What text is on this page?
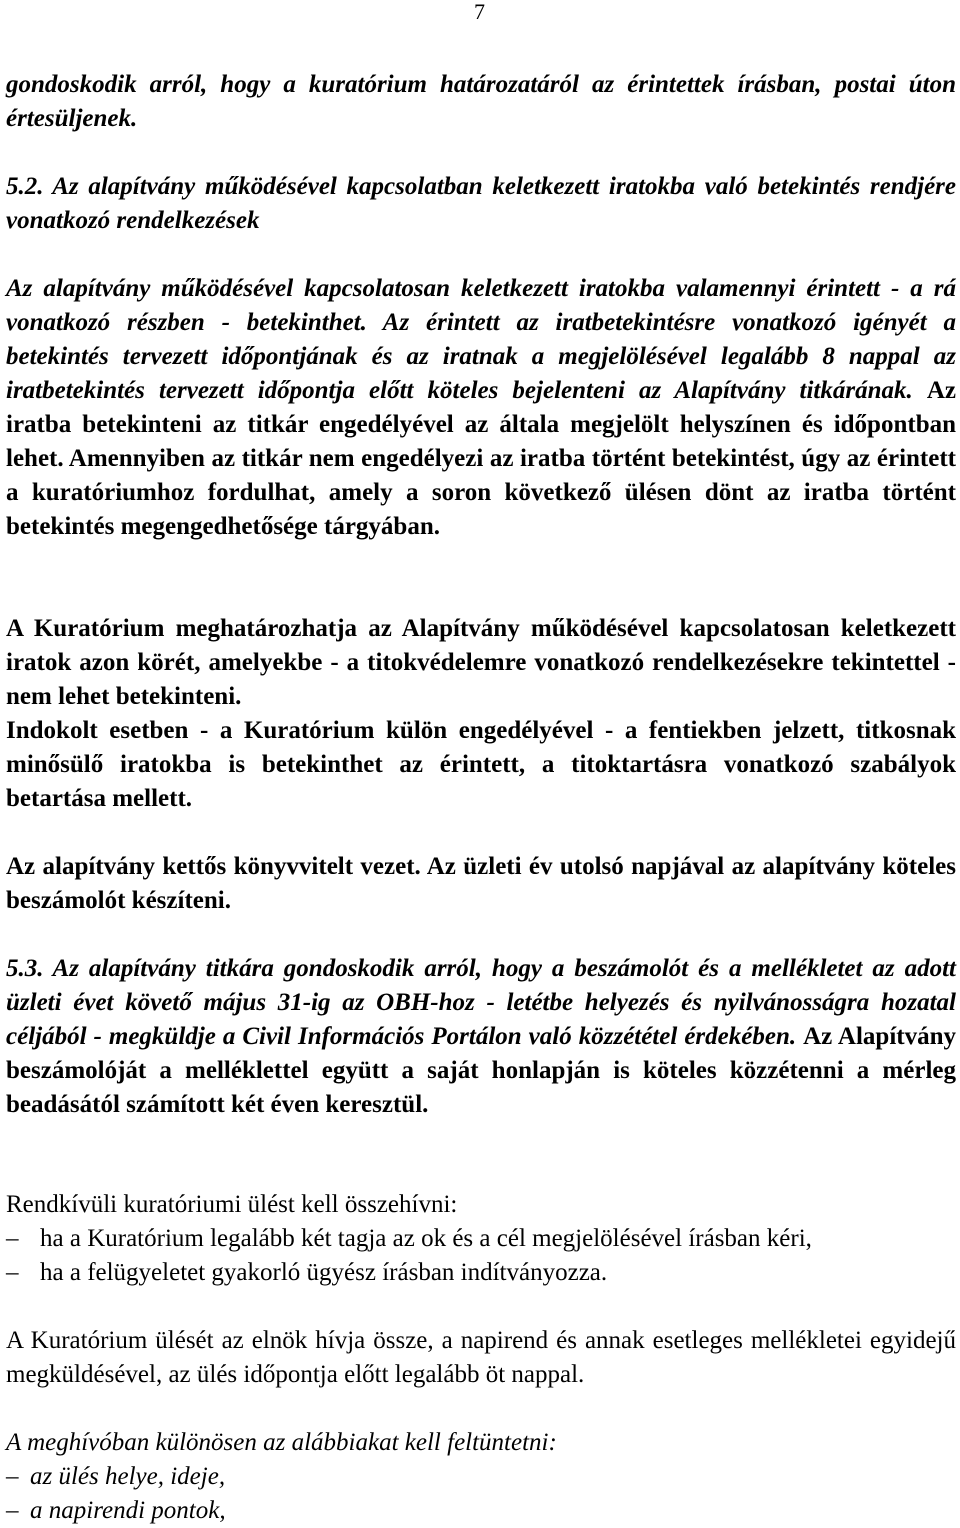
7

gondoskodik arról, hogy a kuratórium határozatáról az érintettek írásban, postai úton értesüljenek.

5.2. Az alapítvány működésével kapcsolatban keletkezett iratokba való betekintés rendjére vonatkozó rendelkezések

Az alapítvány működésével kapcsolatosan keletkezett iratokba valamennyi érintett - a rá vonatkozó részben - betekinthet. Az érintett az iratbetekintésre vonatkozó igényét a betekintés tervezett időpontjának és az iratnak a megjelölésével legalább 8 nappal az iratbetekintés tervezett időpontja előtt köteles bejelenteni az Alapítvány titkárának. Az iratba betekinteni az titkár engedélyével az általa megjelölt helyszínen és időpontban lehet. Amennyiben az titkár nem engedélyezi az iratba történt betekintést, úgy az érintett a kuratóriumhoz fordulhat, amely a soron következő ülésen dönt az iratba történt betekintés megengedhetősége tárgyában.

A Kuratórium meghatározhatja az Alapítvány működésével kapcsolatosan keletkezett iratok azon körét, amelyekbe - a titokvédelemre vonatkozó rendelkezésekre tekintettel - nem lehet betekinteni.

Indokolt esetben - a Kuratórium külön engedélyével - a fentiekben jelzett, titkosnak minősülő iratokba is betekinthet az érintett, a titoktartásra vonatkozó szabályok betartása mellett.

Az alapítvány kettős könyvvitelt vezet. Az üzleti év utolsó napjával az alapítvány köteles beszámolót készíteni.

5.3. Az alapítvány titkára gondoskodik arról, hogy a beszámolót és a mellékletet az adott üzleti évet követő május 31-ig az OBH-hoz - letétbe helyezés és nyilvánosságra hozatal céljából - megküldje a Civil Információs Portálon való közzététel érdekében. Az Alapítvány beszámolóját a melléklettel együtt a saját honlapján is köteles közzétenni a mérleg beadásától számított két éven keresztül.

Rendkívüli kuratóriumi ülést kell összehívni:
– ha a Kuratórium legalább két tagja az ok és a cél megjelölésével írásban kéri,
– ha a felügyeletet gyakorló ügyész írásban indítványozza.

A Kuratórium ülését az elnök hívja össze, a napirend és annak esetleges mellékletei egyidejű megküldésével, az ülés időpontja előtt legalább öt nappal.

A meghívóban különösen az alábbiakat kell feltüntetni:
– az ülés helye, ideje,
– a napirendi pontok,
